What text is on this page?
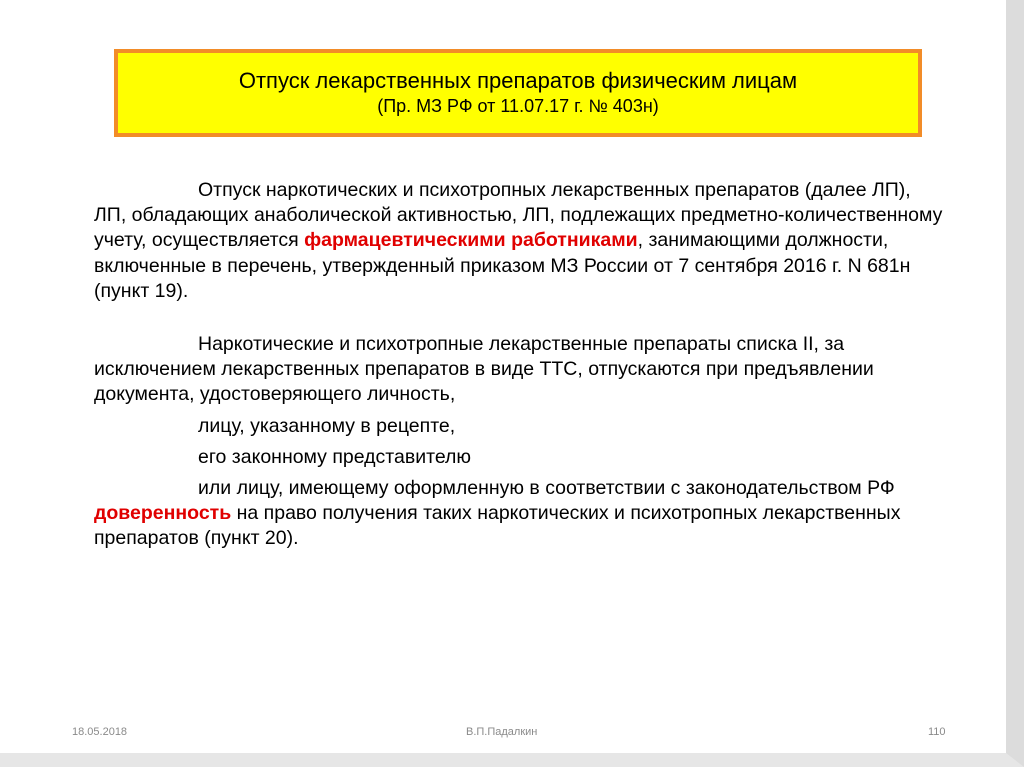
Отпуск лекарственных препаратов физическим лицам
(Пр. МЗ РФ от 11.07.17 г. № 403н)

Отпуск наркотических и психотропных лекарственных препаратов (далее ЛП), ЛП, обладающих анаболической активностью, ЛП, подлежащих предметно-количественному учету, осуществляется фармацевтическими работниками, занимающими должности, включенные в перечень, утвержденный приказом МЗ России от 7 сентября 2016 г. N 681н (пункт 19).

Наркотические и психотропные лекарственные препараты списка II, за исключением лекарственных препаратов в виде ТТС, отпускаются при предъявлении документа, удостоверяющего личность,

лицу, указанному в рецепте,

его законному представителю

или лицу, имеющему оформленную в соответствии с законодательством РФ доверенность на право получения таких наркотических и психотропных лекарственных препаратов (пункт 20).

18.05.2018	В.П.Падалкин	110
